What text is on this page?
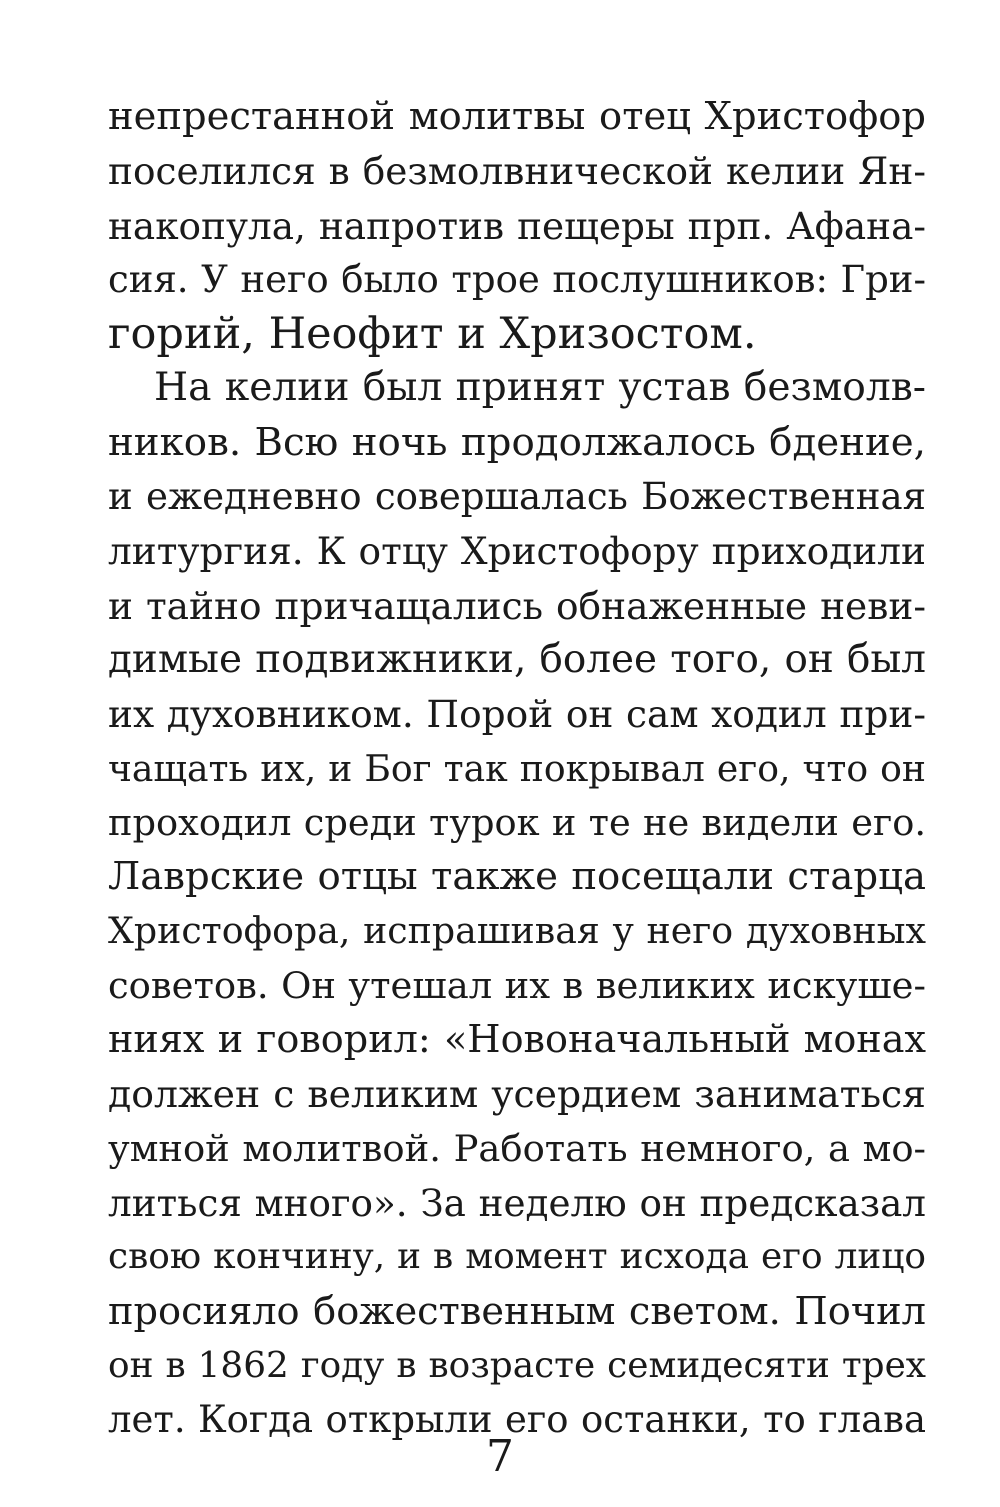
непрестанной молитвы отец Христофор
поселился в безмолвнической келии Ян-
накопула, напротив пещеры прп. Афана-
сия. У него было трое послушников: Гри-
горий, Неофит и Хризостом.
На келии был принят устав безмолв-
ников. Всю ночь продолжалось бдение,
и ежедневно совершалась Божественная
литургия. К отцу Христофору приходили
и тайно причащались обнаженные неви-
димые подвижники, более того, он был
их духовником. Порой он сам ходил при-
чащать их, и Бог так покрывал его, что он
проходил среди турок и те не видели его.
Лаврские отцы также посещали старца
Христофора, испрашивая у него духовных
советов. Он утешал их в великих искуше-
ниях и говорил: «Новоначальный монах
должен с великим усердием заниматься
умной молитвой. Работать немного, а мо-
литься много». За неделю он предсказал
свою кончину, и в момент исхода его лицо
просияло божественным светом. Почил
он в 1862 году в возрасте семидесяти трех
лет. Когда открыли его останки, то глава
7
